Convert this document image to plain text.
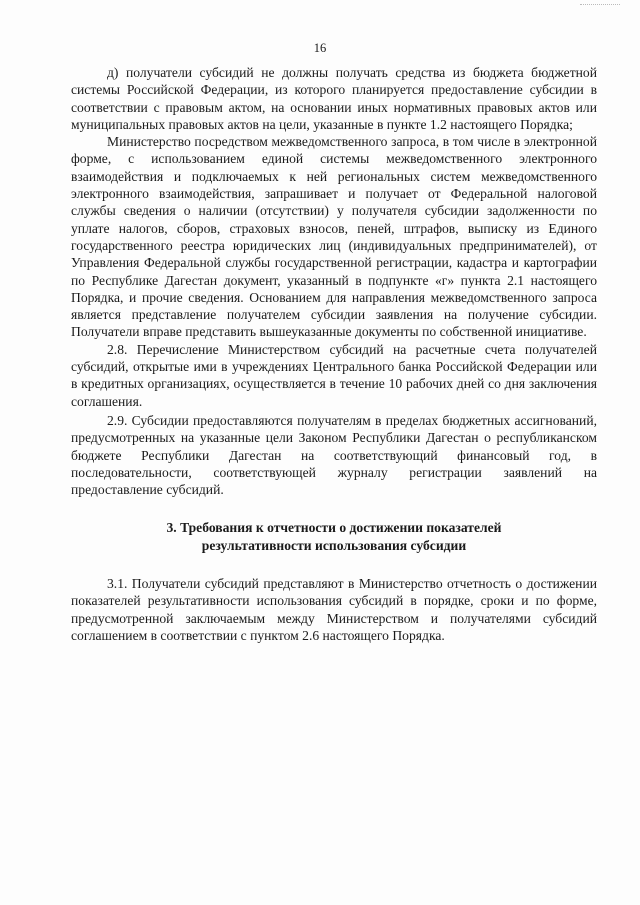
16

д) получатели субсидий не должны получать средства из бюджета бюджетной системы Российской Федерации, из которого планируется предоставление субсидии в соответствии с правовым актом, на основании иных нормативных правовых актов или муниципальных правовых актов на цели, указанные в пункте 1.2 настоящего Порядка;

Министерство посредством межведомственного запроса, в том числе в электронной форме, с использованием единой системы межведомственного электронного взаимодействия и подключаемых к ней региональных систем межведомственного электронного взаимодействия, запрашивает и получает от Федеральной налоговой службы сведения о наличии (отсутствии) у получателя субсидии задолженности по уплате налогов, сборов, страховых взносов, пеней, штрафов, выписку из Единого государственного реестра юридических лиц (индивидуальных предпринимателей), от Управления Федеральной службы государственной регистрации, кадастра и картографии по Республике Дагестан документ, указанный в подпункте «г» пункта 2.1 настоящего Порядка, и прочие сведения. Основанием для направления межведомственного запроса является представление получателем субсидии заявления на получение субсидии. Получатели вправе представить вышеуказанные документы по собственной инициативе.

2.8. Перечисление Министерством субсидий на расчетные счета получателей субсидий, открытые ими в учреждениях Центрального банка Российской Федерации или в кредитных организациях, осуществляется в течение 10 рабочих дней со дня заключения соглашения.

2.9. Субсидии предоставляются получателям в пределах бюджетных ассигнований, предусмотренных на указанные цели Законом Республики Дагестан о республиканском бюджете Республики Дагестан на соответствующий финансовый год, в последовательности, соответствующей журналу регистрации заявлений на предоставление субсидий.

3. Требования к отчетности о достижении показателей
результативности использования субсидии

3.1. Получатели субсидий представляют в Министерство отчетность о достижении показателей результативности использования субсидий в порядке, сроки и по форме, предусмотренной заключаемым между Министерством и получателями субсидий соглашением в соответствии с пунктом 2.6 настоящего Порядка.
